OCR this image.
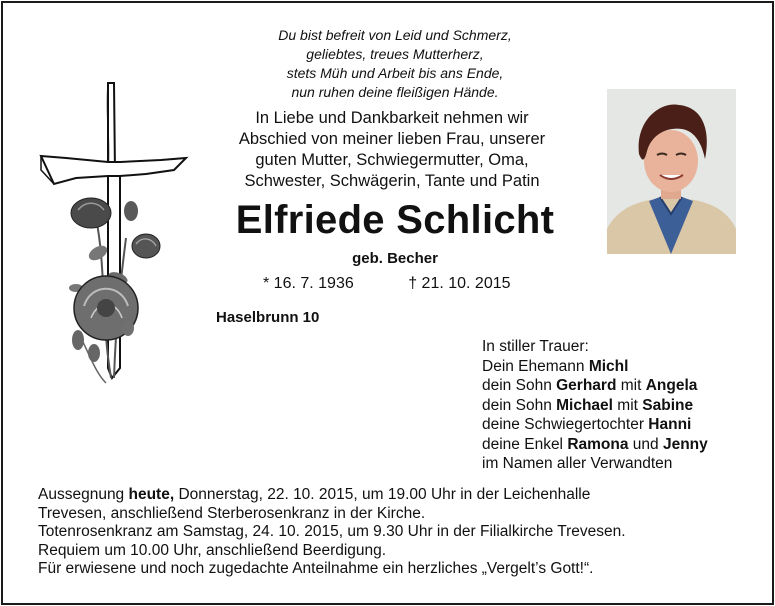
Du bist befreit von Leid und Schmerz,
geliebtes, treues Mutterherz,
stets Müh und Arbeit bis ans Ende,
nun ruhen deine fleißigen Hände.
In Liebe und Dankbarkeit nehmen wir
Abschied von meiner lieben Frau, unserer
guten Mutter, Schwiegermutter, Oma,
Schwester, Schwägerin, Tante und Patin
Elfriede Schlicht
geb. Becher
* 16. 7. 1936	† 21. 10. 2015
Haselbrunn 10
In stiller Trauer:
Dein Ehemann Michl
dein Sohn Gerhard mit Angela
dein Sohn Michael mit Sabine
deine Schwiegertochter Hanni
deine Enkel Ramona und Jenny
im Namen aller Verwandten
Aussegnung heute, Donnerstag, 22. 10. 2015, um 19.00 Uhr in der Leichenhalle
Trevesen, anschließend Sterberosenkranz in der Kirche.
Totenrosenkranz am Samstag, 24. 10. 2015, um 9.30 Uhr in der Filialkirche Trevesen.
Requiem um 10.00 Uhr, anschließend Beerdigung.
Für erwiesene und noch zugedachte Anteilnahme ein herzliches „Vergelt’s Gott!“.
